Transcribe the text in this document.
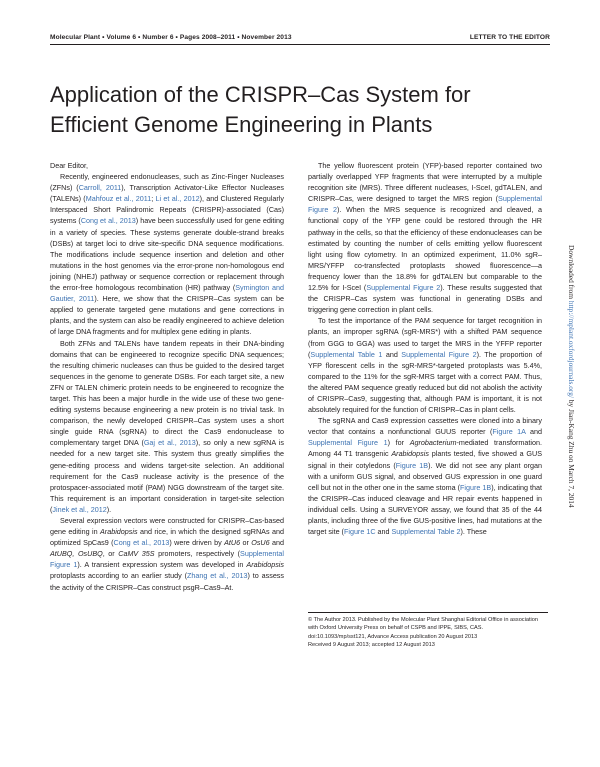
Molecular Plant • Volume 6 • Number 6 • Pages 2008–2011 • November 2013	LETTER TO THE EDITOR
Application of the CRISPR–Cas System for Efficient Genome Engineering in Plants

Dear Editor,

Recently, engineered endonucleases, such as Zinc-Finger Nucleases (ZFNs) (Carroll, 2011), Transcription Activator-Like Effector Nucleases (TALENs) (Mahfouz et al., 2011; Li et al., 2012), and Clustered Regularly Interspaced Short Palindromic Repeats (CRISPR)-associated (Cas) systems (Cong et al., 2013) have been successfully used for gene editing in a variety of species. These systems generate double-strand breaks (DSBs) at target loci to drive site-specific DNA sequence modifications. The modifications include sequence insertion and deletion and other mutations in the host genomes via the error-prone non-homologous end joining (NHEJ) pathway or sequence correction or replacement through the error-free homologous recombination (HR) pathway (Symington and Gautier, 2011). Here, we show that the CRISPR–Cas system can be applied to generate targeted gene mutations and gene corrections in plants, and the system can also be readily engineered to achieve deletion of large DNA fragments and for multiplex gene editing in plants.

Both ZFNs and TALENs have tandem repeats in their DNA-binding domains that can be engineered to recognize specific DNA sequences; the resulting chimeric nucleases can thus be guided to the desired target sequences in the genome to generate DSBs. For each target site, a new ZFN or TALEN chimeric protein needs to be engineered to recognize the target. This has been a major hurdle in the wide use of these two gene-editing systems because engineering a new protein is no trivial task. In comparison, the newly developed CRISPR–Cas system uses a short single guide RNA (sgRNA) to direct the Cas9 endonuclease to complementary target DNA (Gaj et al., 2013), so only a new sgRNA is needed for a new target site. This system thus greatly simplifies the gene-editing process and widens target-site selection. An additional requirement for the Cas9 nuclease activity is the presence of the protospacer-associated motif (PAM) NGG downstream of the target site. This requirement is an important consideration in target-site selection (Jinek et al., 2012).

Several expression vectors were constructed for CRISPR–Cas-based gene editing in Arabidopsis and rice, in which the designed sgRNAs and optimized SpCas9 (Cong et al., 2013) were driven by AtU6 or OsU6 and AtUBQ, OsUBQ, or CaMV 35S promoters, respectively (Supplemental Figure 1). A transient expression system was developed in Arabidopsis protoplasts according to an earlier study (Zhang et al., 2013) to assess the activity of the CRISPR–Cas construct psgR–Cas9–At.

The yellow fluorescent protein (YFP)-based reporter contained two partially overlapped YFP fragments that were interrupted by a multiple recognition site (MRS). Three different nucleases, I-SceI, gdTALEN, and CRISPR–Cas, were designed to target the MRS region (Supplemental Figure 2). When the MRS sequence is recognized and cleaved, a functional copy of the YFP gene could be restored through the HR pathway in the cells, so that the efficiency of these endonucleases can be estimated by counting the number of cells emitting yellow fluorescent light using flow cytometry. In an optimized experiment, 11.0% sgR–MRS/YFFP co-transfected protoplasts showed fluorescence—a frequency lower than the 18.8% for gdTALEN but comparable to the 12.5% for I-SceI (Supplemental Figure 2). These results suggested that the CRISPR–Cas system was functional in generating DSBs and triggering gene correction in plant cells.

To test the importance of the PAM sequence for target recognition in plants, an improper sgRNA (sgR-MRS*) with a shifted PAM sequence (from GGG to GGA) was used to target the MRS in the YFFP reporter (Supplemental Table 1 and Supplemental Figure 2). The proportion of YFP florescent cells in the sgR-MRS*-targeted protoplasts was 5.4%, compared to the 11% for the sgR-MRS target with a correct PAM. Thus, the altered PAM sequence greatly reduced but did not abolish the activity of CRISPR–Cas9, suggesting that, although PAM is important, it is not absolutely required for the function of CRISPR–Cas in plant cells.

The sgRNA and Cas9 expression cassettes were cloned into a binary vector that contains a nonfunctional GUUS reporter (Figure 1A and Supplemental Figure 1) for Agrobacterium-mediated transformation. Among 44 T1 transgenic Arabidopsis plants tested, five showed a GUS signal in their cotyledons (Figure 1B). We did not see any plant organ with a uniform GUS signal, and observed GUS expression in one guard cell but not in the other one in the same stoma (Figure 1B), indicating that the CRISPR–Cas induced cleavage and HR repair events happened in individual cells. Using a SURVEYOR assay, we found that 35 of the 44 plants, including three of the five GUS-positive lines, had mutations at the target site (Figure 1C and Supplemental Table 2). These

© The Author 2013. Published by the Molecular Plant Shanghai Editorial Office in association with Oxford University Press on behalf of CSPB and IPPE, SIBS, CAS.
doi:10.1093/mp/sst121, Advance Access publication 20 August 2013
Received 9 August 2013; accepted 12 August 2013
Downloaded from http://mplant.oxfordjournals.org/ by Jian-Kang Zhu on March 7, 2014
